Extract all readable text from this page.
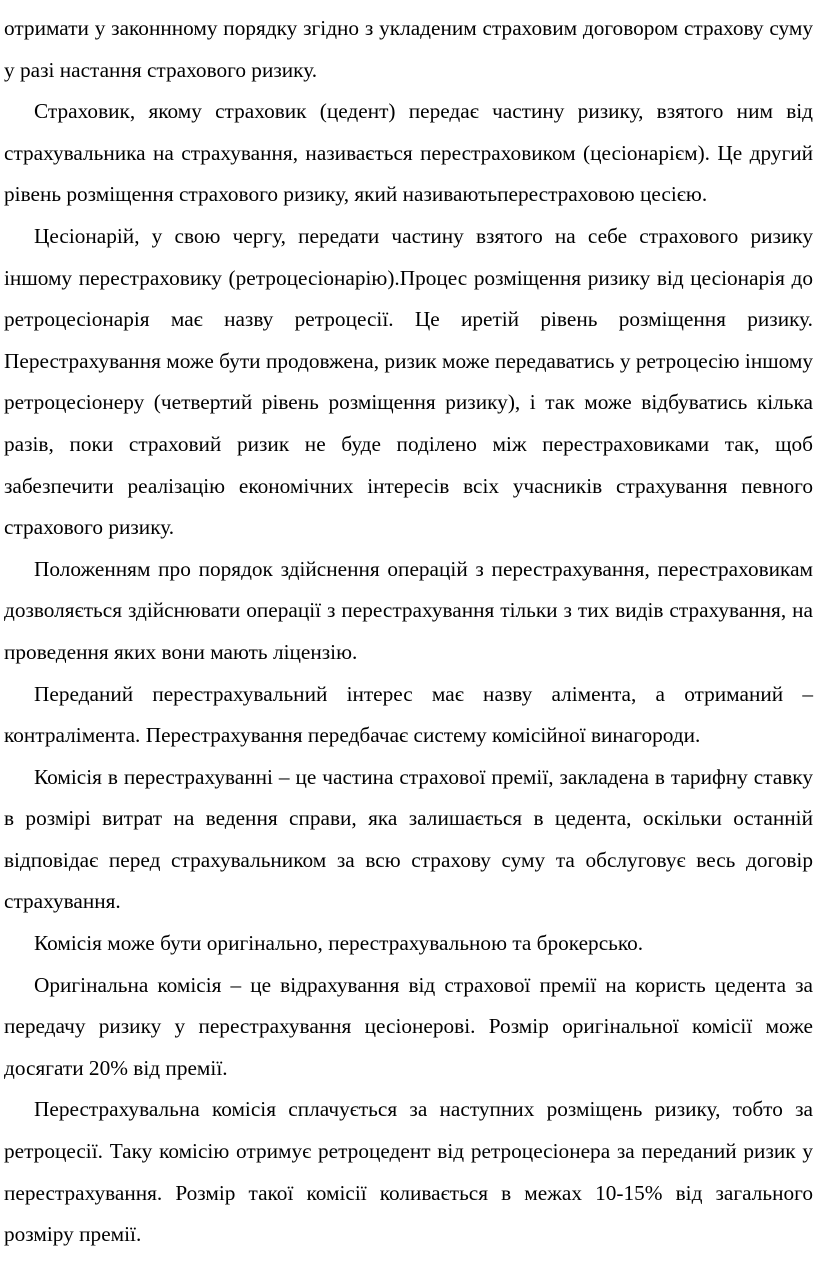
отримати у законнному порядку згідно з укладеним страховим договором страхову суму у разі настання страхового ризику.

Страховик, якому страховик (цедент) передає частину ризику, взятого ним від страхувальника на страхування, називається перестраховиком (цесіонарієм). Це другий рівень розміщення страхового ризику, який називаютьперестраховою цесією.

Цесіонарій, у свою чергу, передати частину взятого на себе страхового ризику іншому перестраховику (ретроцесіонарію).Процес розміщення ризику від цесіонарія до ретроцесіонарія має назву ретроцесії. Це иретій рівень розміщення ризику. Перестрахування може бути продовжена, ризик може передаватись у ретроцесію іншому ретроцесіонеру (четвертий рівень розміщення ризику), і так може відбуватись кілька разів, поки страховий ризик не буде поділено між перестраховиками так, щоб забезпечити реалізацію економічних інтересів всіх учасників страхування певного страхового ризику.

Положенням про порядок здійснення операцій з перестрахування, перестраховикам дозволяється здійснювати операції з перестрахування тільки з тих видів страхування, на проведення яких вони мають ліцензію.

Переданий перестрахувальний інтерес має назву алімента, а отриманий – контралімента. Перестрахування передбачає систему комісійної винагороди.

Комісія в перестрахуванні – це частина страхової премії, закладена в тарифну ставку в розмірі витрат на ведення справи, яка залишається в цедента, оскільки останній відповідає перед страхувальником за всю страхову суму та обслуговує весь договір страхування.

Комісія може бути оригінально, перестрахувальною та брокерсько.

Оригінальна комісія – це відрахування від страхової премії на користь цедента за передачу ризику у перестрахування цесіонерові. Розмір оригінальної комісії може досягати 20% від премії.

Перестрахувальна комісія сплачується за наступних розміщень ризику, тобто за ретроцесії. Таку комісію отримує ретроцедент від ретроцесіонера за переданий ризик у перестрахування. Розмір такої комісії коливається в межах 10-15% від загального розміру премії.
